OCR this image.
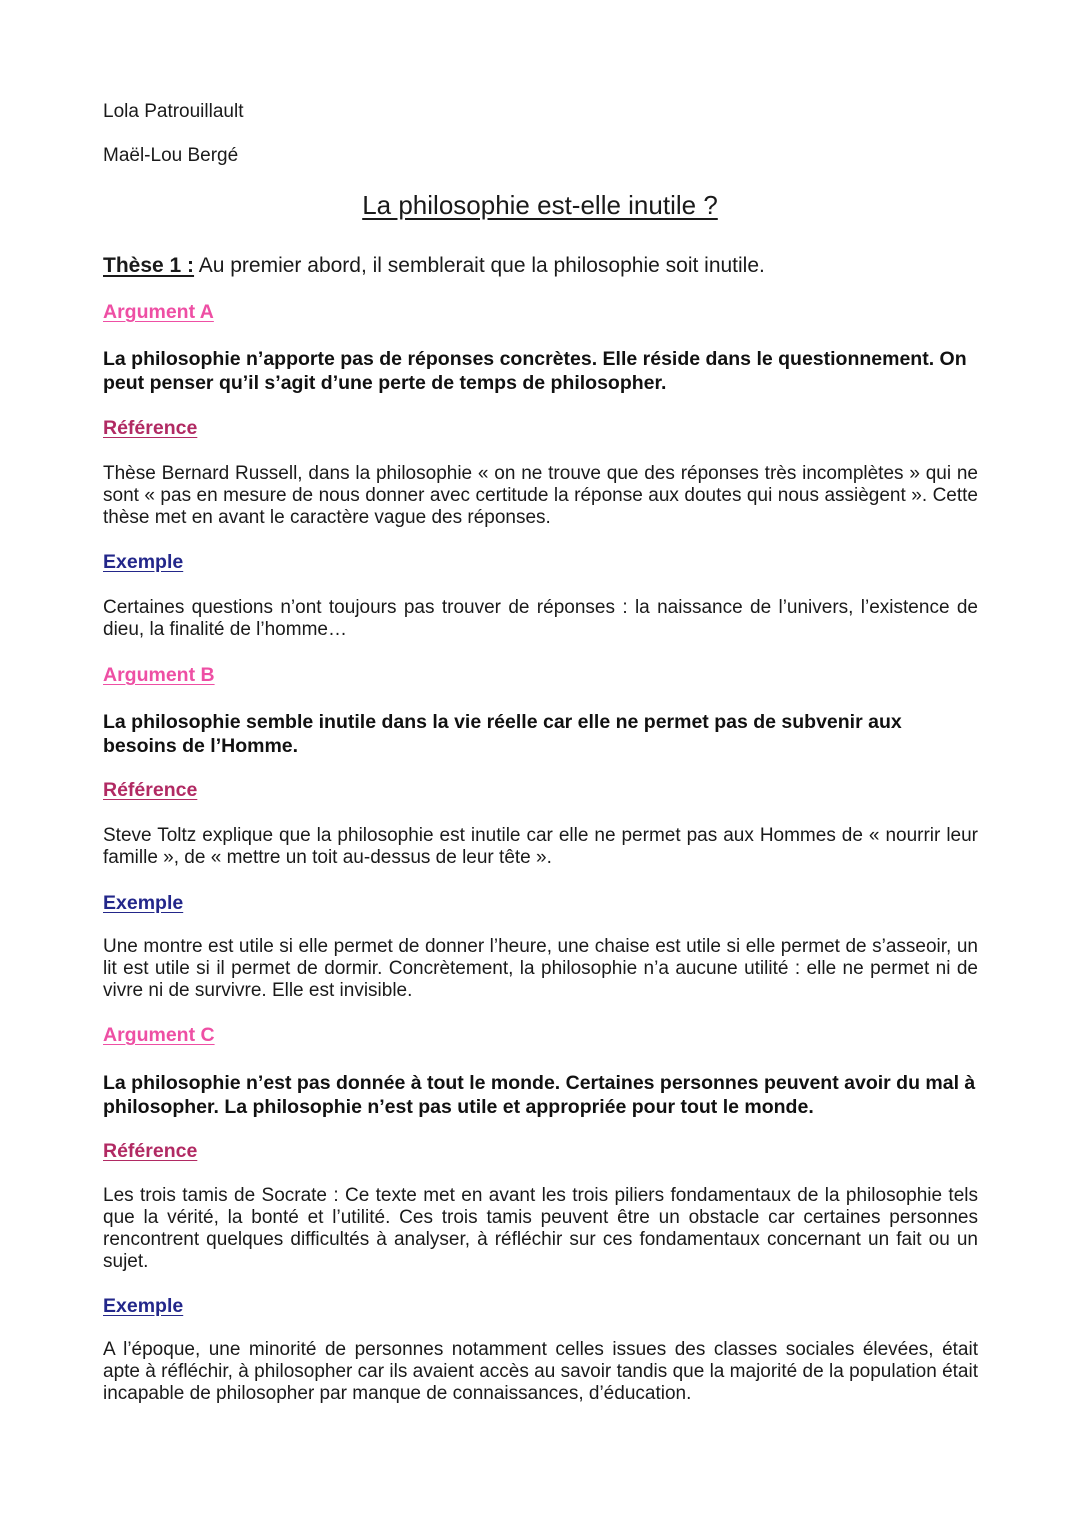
Lola Patrouillault

Maël-Lou Bergé

La philosophie est-elle inutile ?

Thèse 1 : Au premier abord, il semblerait que la philosophie soit inutile.

Argument A

La philosophie n’apporte pas de réponses concrètes. Elle réside dans le questionnement. On peut penser qu’il s’agit d’une perte de temps de philosopher.

Référence

Thèse Bernard Russell, dans la philosophie « on ne trouve que des réponses très incomplètes » qui ne sont « pas en mesure de nous donner avec certitude la réponse aux doutes qui nous assiègent ». Cette thèse met en avant le caractère vague des réponses.

Exemple

Certaines questions n’ont toujours pas trouver de réponses : la naissance de l’univers, l’existence de dieu, la finalité de l’homme…

Argument B

La philosophie semble inutile dans la vie réelle car elle ne permet pas de subvenir aux besoins de l’Homme.

Référence

Steve Toltz explique que la philosophie est inutile car elle ne permet pas aux Hommes de « nourrir leur famille », de « mettre un toit au-dessus de leur tête ».

Exemple

Une montre est utile si elle permet de donner l’heure, une chaise est utile si elle permet de s’asseoir, un lit est utile si il permet de dormir. Concrètement, la philosophie n’a aucune utilité : elle ne permet ni de vivre ni de survivre. Elle est invisible.

Argument C

La philosophie n’est pas donnée à tout le monde. Certaines personnes peuvent avoir du mal à philosopher. La philosophie n’est pas utile et appropriée pour tout le monde.

Référence

Les trois tamis de Socrate : Ce texte met en avant les trois piliers fondamentaux de la philosophie tels que la vérité, la bonté et l’utilité. Ces trois tamis peuvent être un obstacle car certaines personnes rencontrent quelques difficultés à analyser, à réfléchir sur ces fondamentaux concernant un fait ou un sujet.

Exemple

A l’époque, une minorité de personnes notamment celles issues des classes sociales élevées, était apte à réfléchir, à philosopher car ils avaient accès au savoir tandis que la majorité de la population était incapable de philosopher par manque de connaissances, d’éducation.
